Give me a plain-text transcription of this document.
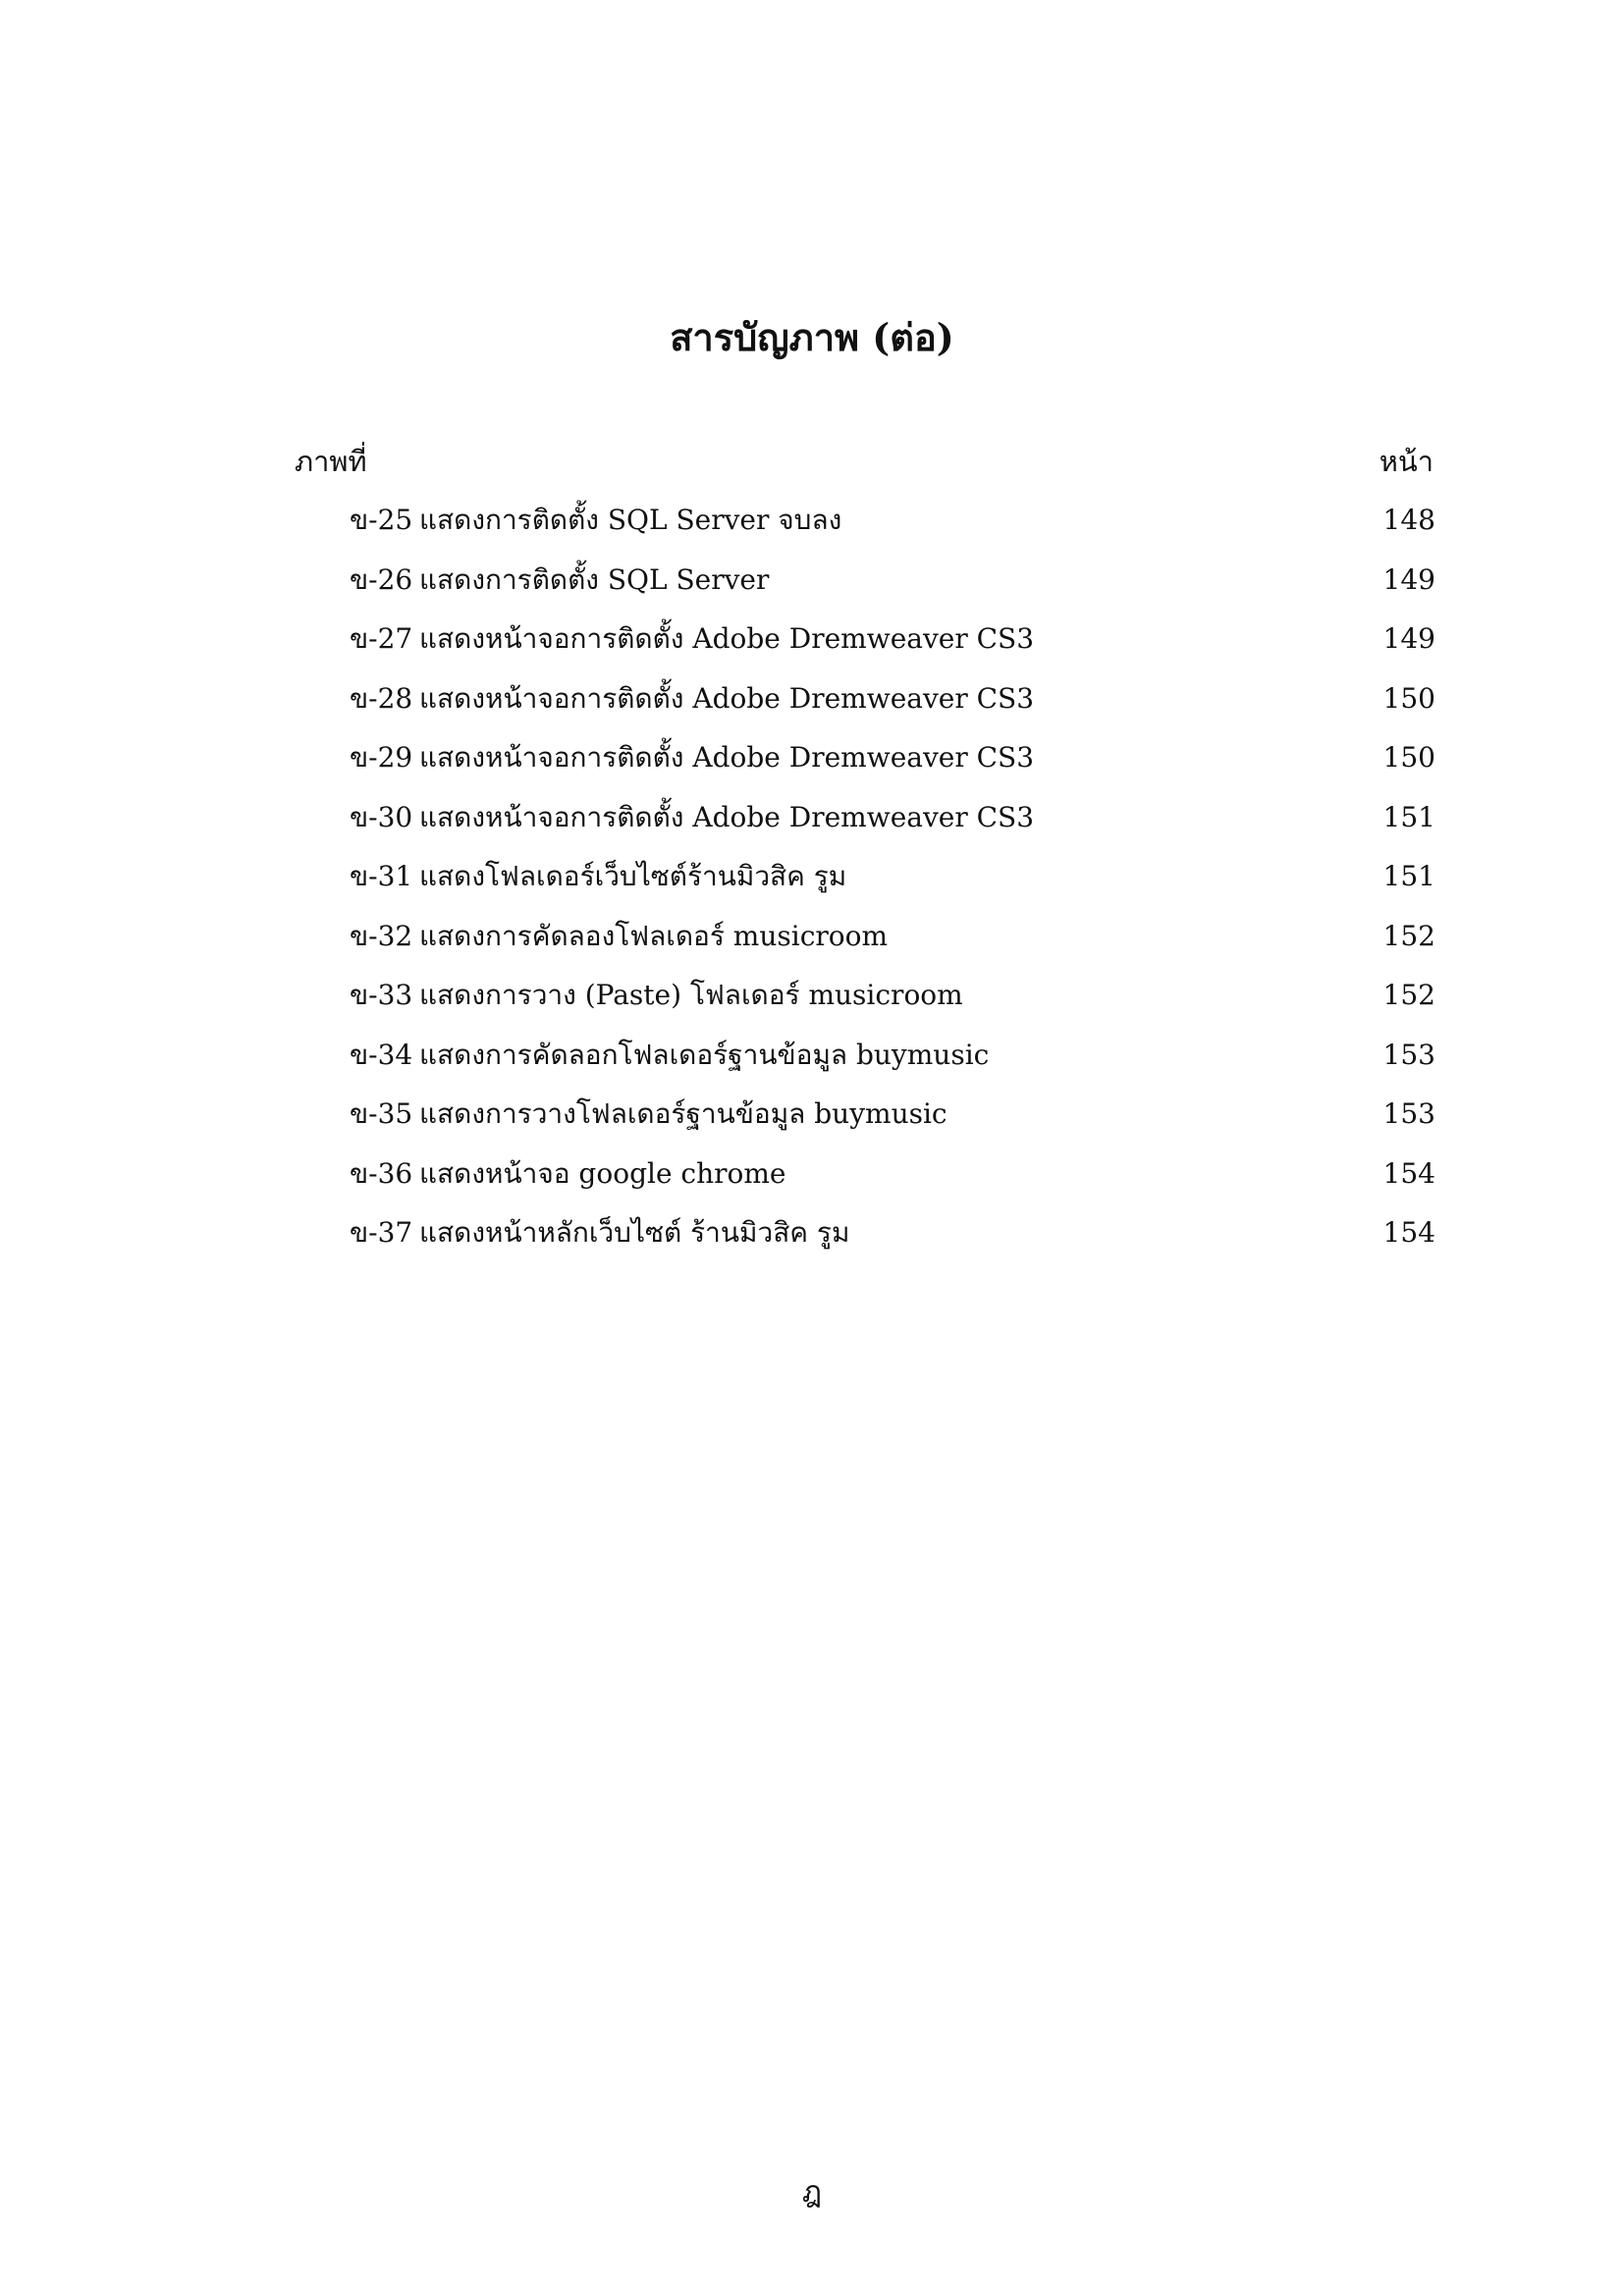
สารบัญภาพ (ต่อ)
ภาพที่	หน้า
ข-25 แสดงการติดตั้ง SQL Server จบลง	148
ข-26 แสดงการติดตั้ง SQL Server	149
ข-27 แสดงหน้าจอการติดตั้ง Adobe Dremweaver CS3	149
ข-28 แสดงหน้าจอการติดตั้ง Adobe Dremweaver CS3	150
ข-29 แสดงหน้าจอการติดตั้ง Adobe Dremweaver CS3	150
ข-30 แสดงหน้าจอการติดตั้ง Adobe Dremweaver CS3	151
ข-31 แสดงโฟลเดอร์เว็บไซต์ร้านมิวสิค รูม	151
ข-32 แสดงการคัดลองโฟลเดอร์ musicroom	152
ข-33 แสดงการวาง (Paste) โฟลเดอร์ musicroom	152
ข-34 แสดงการคัดลอกโฟลเดอร์ฐานข้อมูล buymusic	153
ข-35 แสดงการวางโฟลเดอร์ฐานข้อมูล buymusic	153
ข-36 แสดงหน้าจอ google chrome	154
ข-37 แสดงหน้าหลักเว็บไซต์ ร้านมิวสิค รูม	154
ฎ
